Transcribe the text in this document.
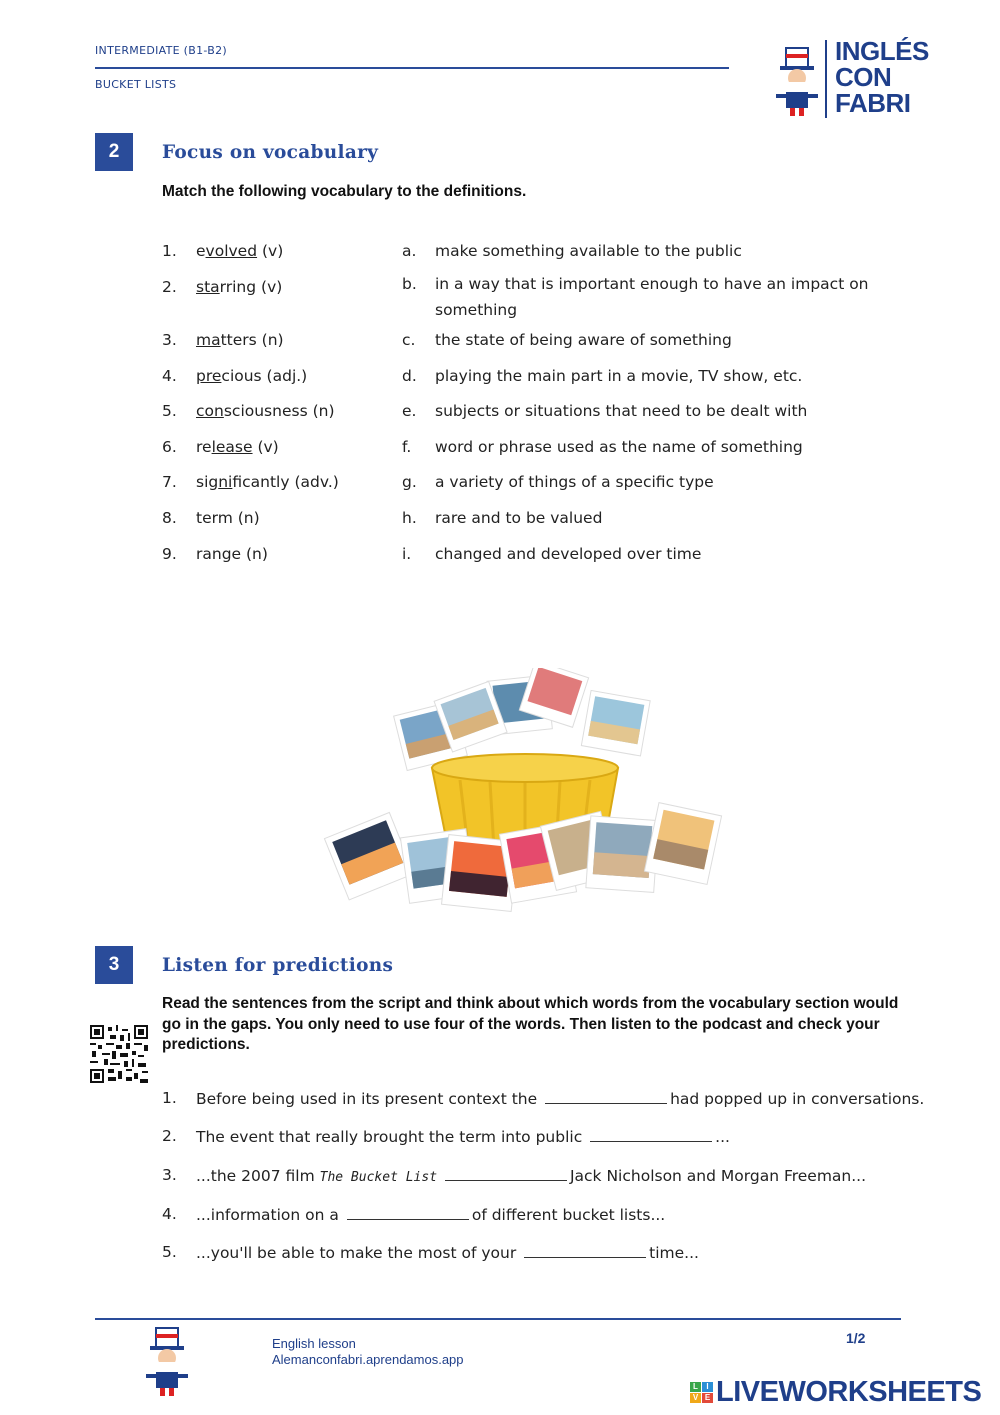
INTERMEDIATE (B1-B2)
BUCKET LISTS
INGLÉS
CON
FABRI
2	Focus on vocabulary
Match the following vocabulary to the definitions.
1. evolved (v)	a. make something available to the public
2. starring (v)	b. in a way that is important enough to have an impact on something
3. matters (n)	c. the state of being aware of something
4. precious (adj.)	d. playing the main part in a movie, TV show, etc.
5. consciousness (n)	e. subjects or situations that need to be dealt with
6. release (v)	f. word or phrase used as the name of something
7. significantly (adv.)	g. a variety of things of a specific type
8. term (n)	h. rare and to be valued
9. range (n)	i. changed and developed over time
3	Listen for predictions
Read the sentences from the script and think about which words from the vocabulary section would go in the gaps. You only need to use four of the words. Then listen to the podcast and check your predictions.
1. Before being used in its present context the	had popped up in conversations.
2. The event that really brought the term into public	...
3. ...the 2007 film The Bucket List	Jack Nicholson and Morgan Freeman...
4. ...information on a	of different bucket lists...
5. ...you'll be able to make the most of your	time...
English lesson
Alemanconfabri.aprendamos.app
1/2
L	I
V E LIVEWORKSHEETS
